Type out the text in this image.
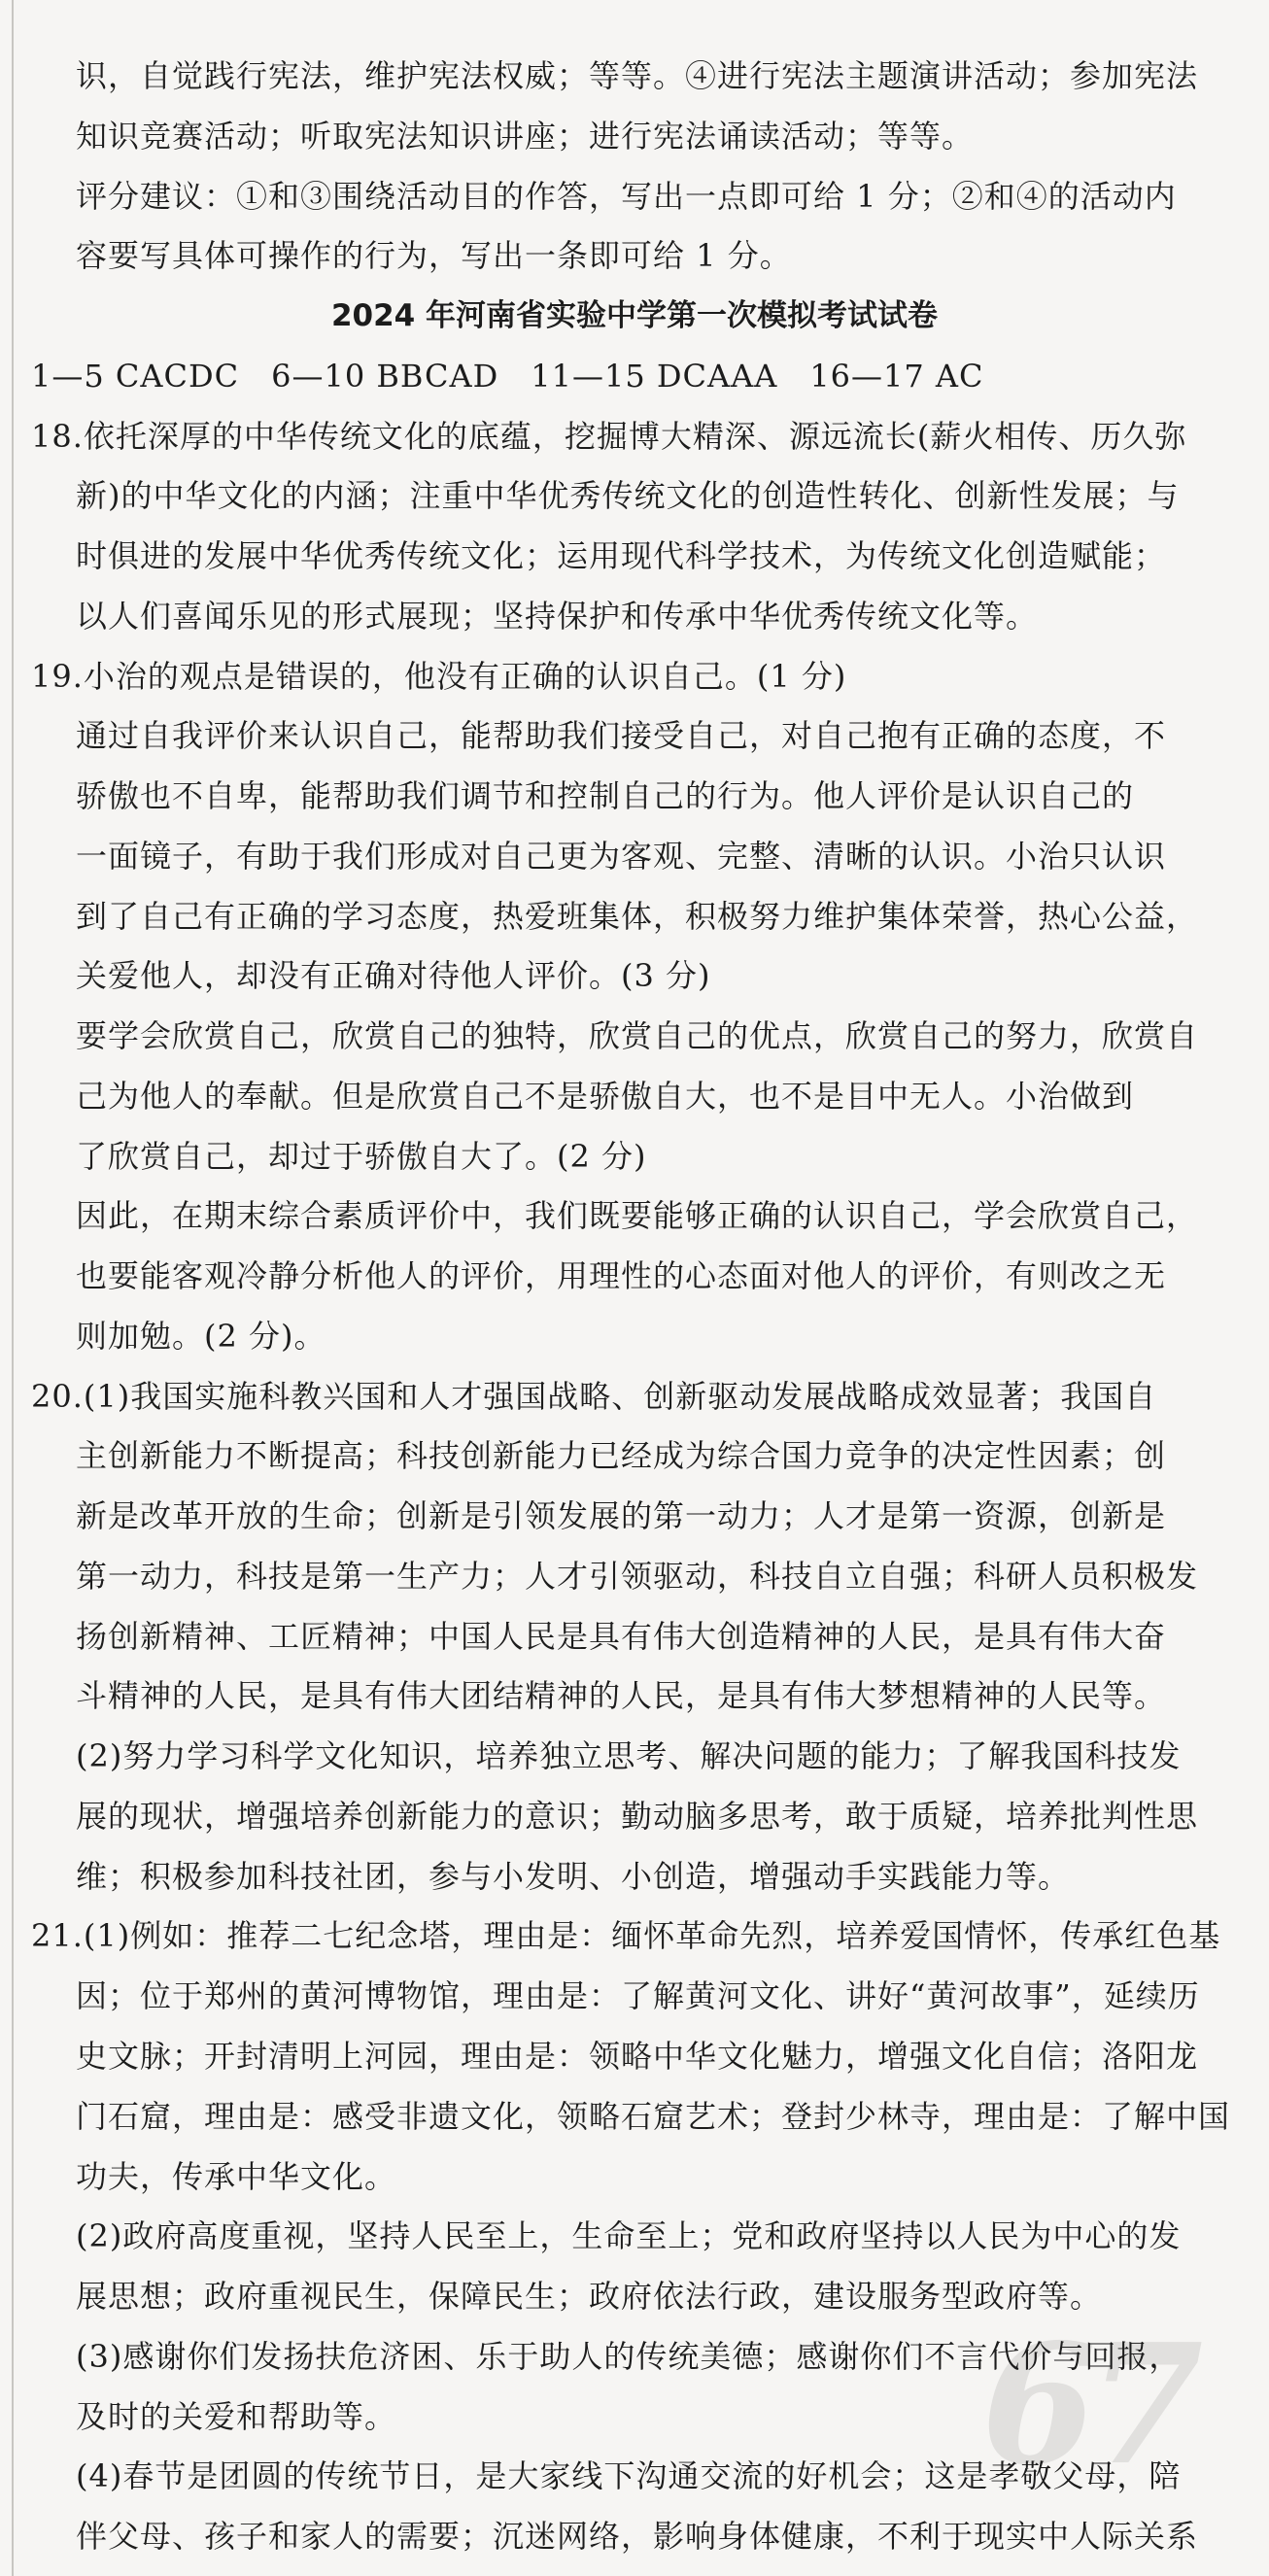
67
识，自觉践行宪法，维护宪法权威；等等。④进行宪法主题演讲活动；参加宪法
知识竞赛活动；听取宪法知识讲座；进行宪法诵读活动；等等。
评分建议：①和③围绕活动目的作答，写出一点即可给 1 分；②和④的活动内
容要写具体可操作的行为，写出一条即可给 1 分。
2024 年河南省实验中学第一次模拟考试试卷
1—5 CACDC　6—10 BBCAD　11—15 DCAAA　16—17 AC
18.依托深厚的中华传统文化的底蕴，挖掘博大精深、源远流长(薪火相传、历久弥
新)的中华文化的内涵；注重中华优秀传统文化的创造性转化、创新性发展；与
时俱进的发展中华优秀传统文化；运用现代科学技术，为传统文化创造赋能；
以人们喜闻乐见的形式展现；坚持保护和传承中华优秀传统文化等。
19.小治的观点是错误的，他没有正确的认识自己。(1 分)
通过自我评价来认识自己，能帮助我们接受自己，对自己抱有正确的态度，不
骄傲也不自卑，能帮助我们调节和控制自己的行为。他人评价是认识自己的
一面镜子，有助于我们形成对自己更为客观、完整、清晰的认识。小治只认识
到了自己有正确的学习态度，热爱班集体，积极努力维护集体荣誉，热心公益，
关爱他人，却没有正确对待他人评价。(3 分)
要学会欣赏自己，欣赏自己的独特，欣赏自己的优点，欣赏自己的努力，欣赏自
己为他人的奉献。但是欣赏自己不是骄傲自大，也不是目中无人。小治做到
了欣赏自己，却过于骄傲自大了。(2 分)
因此，在期末综合素质评价中，我们既要能够正确的认识自己，学会欣赏自己，
也要能客观冷静分析他人的评价，用理性的心态面对他人的评价，有则改之无
则加勉。(2 分)。
20.(1)我国实施科教兴国和人才强国战略、创新驱动发展战略成效显著；我国自
主创新能力不断提高；科技创新能力已经成为综合国力竞争的决定性因素；创
新是改革开放的生命；创新是引领发展的第一动力；人才是第一资源，创新是
第一动力，科技是第一生产力；人才引领驱动，科技自立自强；科研人员积极发
扬创新精神、工匠精神；中国人民是具有伟大创造精神的人民，是具有伟大奋
斗精神的人民，是具有伟大团结精神的人民，是具有伟大梦想精神的人民等。
(2)努力学习科学文化知识，培养独立思考、解决问题的能力；了解我国科技发
展的现状，增强培养创新能力的意识；勤动脑多思考，敢于质疑，培养批判性思
维；积极参加科技社团，参与小发明、小创造，增强动手实践能力等。
21.(1)例如：推荐二七纪念塔，理由是：缅怀革命先烈，培养爱国情怀，传承红色基
因；位于郑州的黄河博物馆，理由是：了解黄河文化、讲好“黄河故事”，延续历
史文脉；开封清明上河园，理由是：领略中华文化魅力，增强文化自信；洛阳龙
门石窟，理由是：感受非遗文化，领略石窟艺术；登封少林寺，理由是：了解中国
功夫，传承中华文化。
(2)政府高度重视，坚持人民至上，生命至上；党和政府坚持以人民为中心的发
展思想；政府重视民生，保障民生；政府依法行政，建设服务型政府等。
(3)感谢你们发扬扶危济困、乐于助人的传统美德；感谢你们不言代价与回报，
及时的关爱和帮助等。
(4)春节是团圆的传统节日，是大家线下沟通交流的好机会；这是孝敬父母，陪
伴父母、孩子和家人的需要；沉迷网络，影响身体健康，不利于现实中人际关系
